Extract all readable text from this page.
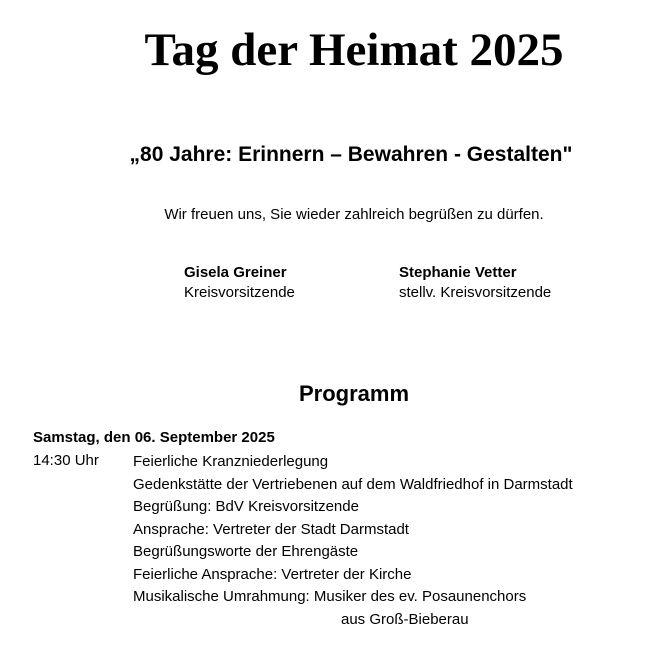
Tag der Heimat 2025
„80 Jahre: Erinnern – Bewahren - Gestalten"
Wir freuen uns, Sie wieder zahlreich begrüßen zu dürfen.
Gisela Greiner
Kreisvorsitzende
Stephanie Vetter
stellv. Kreisvorsitzende
Programm
Samstag, den 06. September 2025
14:30 Uhr Feierliche Kranzniederlegung
Gedenkstätte der Vertriebenen auf dem Waldfriedhof in Darmstadt
Begrüßung: BdV Kreisvorsitzende
Ansprache: Vertreter der Stadt Darmstadt
Begrüßungsworte der Ehrengäste
Feierliche Ansprache: Vertreter der Kirche
Musikalische Umrahmung: Musiker des ev. Posaunenchors
aus Groß-Bieberau
